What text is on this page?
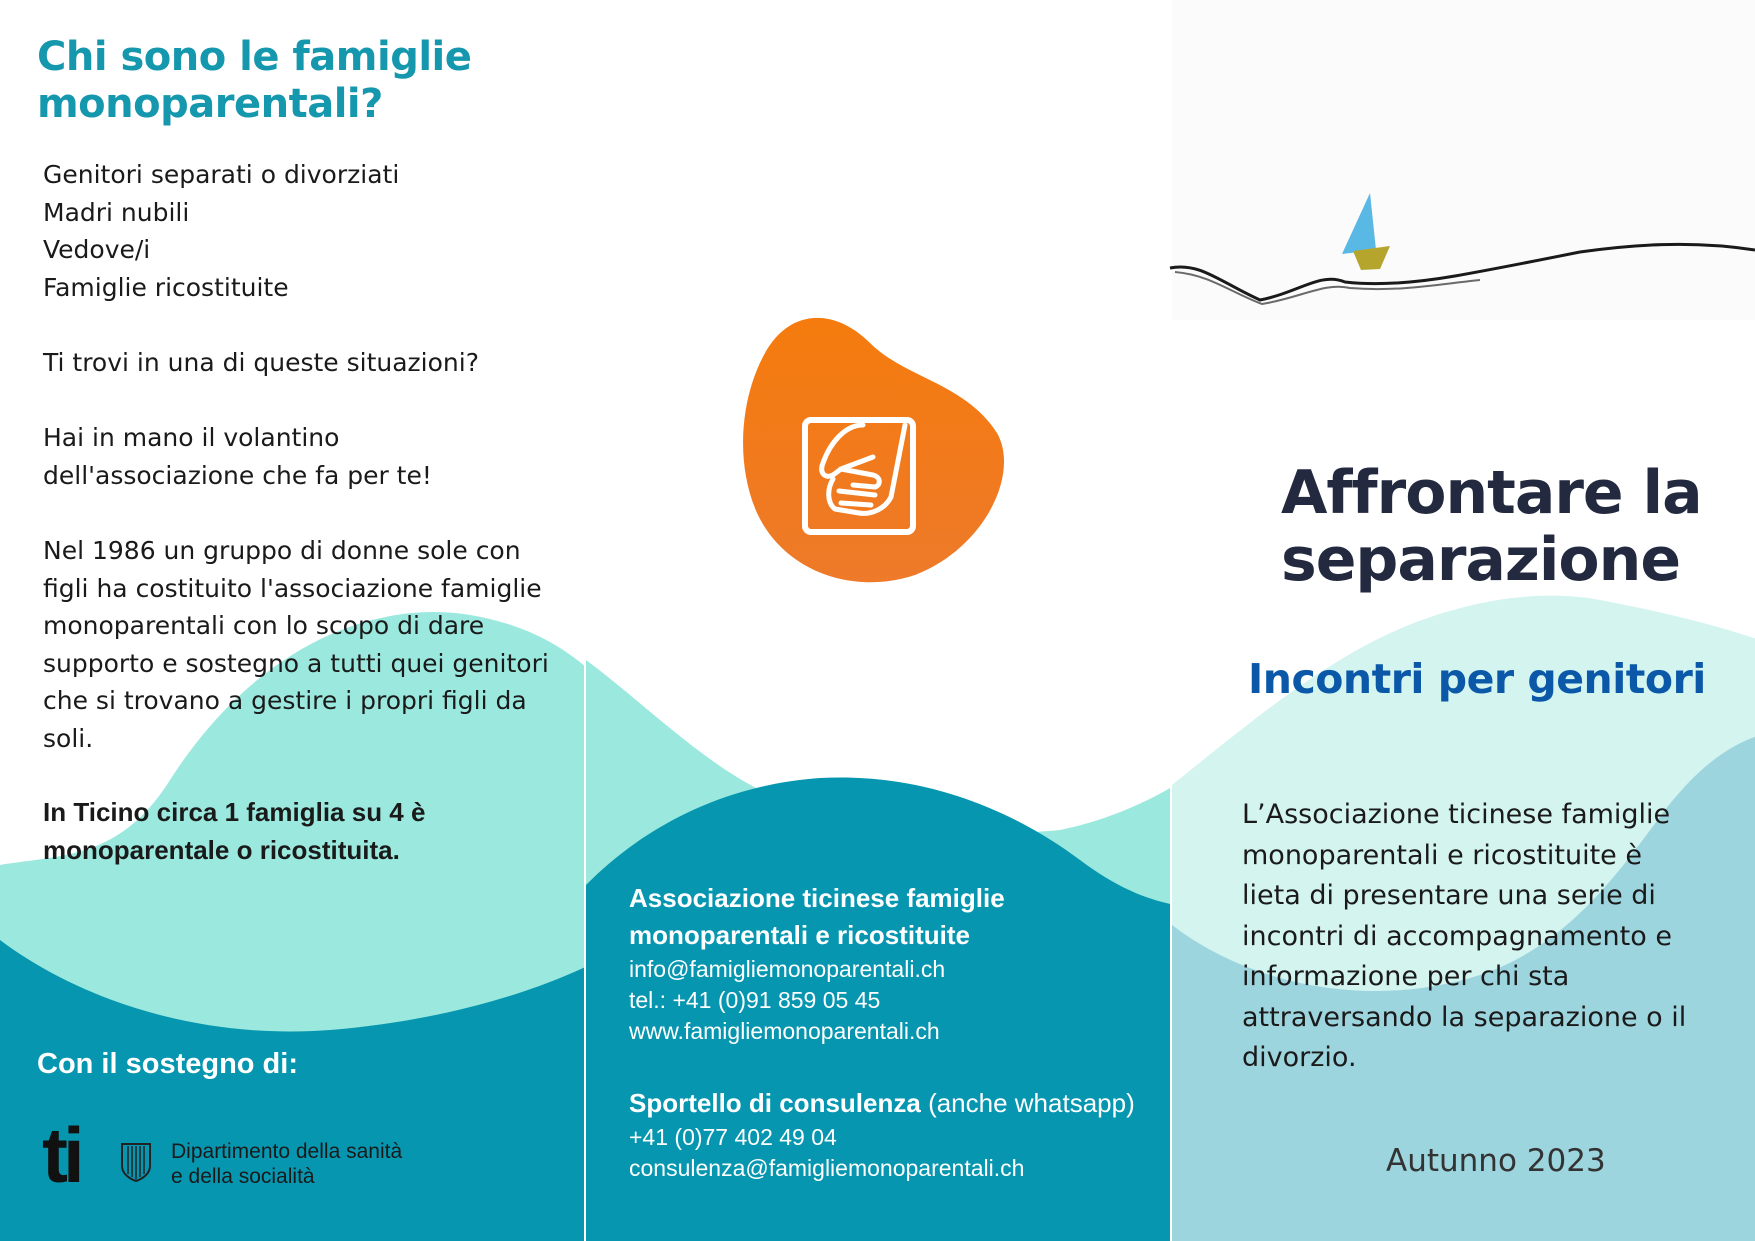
Chi sono le famiglie
monoparentali?
Genitori separati o divorziati
Madri nubili
Vedove/i
Famiglie ricostituite
Ti trovi in una di queste situazioni?
Hai in mano il volantino
dell'associazione che fa per te!
Nel 1986 un gruppo di donne sole con
figli ha costituito l'associazione famiglie
monoparentali con lo scopo di dare
supporto e sostegno a tutti quei genitori
che si trovano a gestire i propri figli da
soli.
In Ticino circa 1 famiglia su 4 è
monoparentale o ricostituita.
Con il sostegno di:
ti	Dipartimento della sanità
e della socialità
Associazione ticinese famiglie
monoparentali e ricostituite
info@famigliemonoparentali.ch
tel.: +41 (0)91 859 05 45
www.famigliemonoparentali.ch
Sportello di consulenza (anche whatsapp)
+41 (0)77 402 49 04
consulenza@famigliemonoparentali.ch
Affrontare la
separazione
Incontri per genitori
L’Associazione ticinese famiglie
monoparentali e ricostituite è
lieta di presentare una serie di
incontri di accompagnamento e
informazione per chi sta
attraversando la separazione o il
divorzio.
Autunno 2023
